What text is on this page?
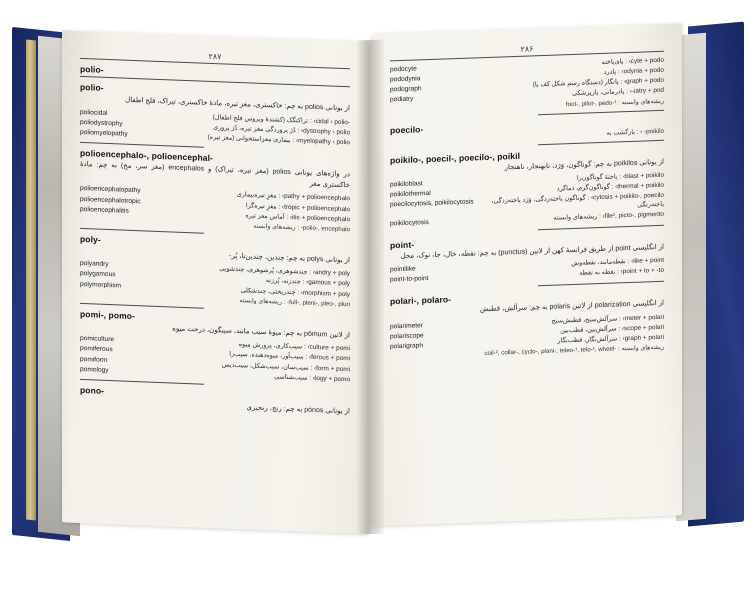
۲۸۷
polio-
polio-
از یونانی polios به چم: خاکستری، مغز تیره، مادهٔ خاکستری، تیراک، فلج اطفال
poliocidal
-cidal ‹ polio› : تراکنگک (کشندهٔ ویروس فلج اطفال)
poliodystrophy
dystrophy ‹ polio› : دُژ پروردگی مغز تیره، دُژ پروری
poliomyelopathy
myelopathy ‹ polio› : بیماری مغزاستخوانی (مغز تیره)
polioencephalo-, polioencephal-
در واژه‌های یونانی polios (مغز تیره، تیراک) و encephalos (مغز سر، مخ) به چم: مادهٔ خاکستری مغز
polioencephalopathy
pathy + polioencephalo› : مغزِ تیره‌بیماری
polioencephalotropic
tropic + polioencephalo› : مغزِ تیره‌گرا
polioencephalitis
itis + polioencephalo› : آماس مغز تیره
polio-, encephalo- : ریشه‌های وابسته
poly-
از یونانی polys به چم: چندین، چندین‌تا، پُر-
polyandry
andry + poly› : چندشوهری، پُرشوهری، چندشویی
polygamous
gamous + poly› : چندزنه، پُرزنه
polymorphism
morphism + poly› : چندریختی، چندشکلی
full-, pleni-, pleo-, pluri- : ریشه‌های وابسته
pomi-, pomo-
از لاتین pōmum به چم: میوهٔ سیب مانند، سیبگون، درخت میوه
pomiculture
culture + pomi› : سیب‌کاری، پرورش میوه
pomiferous
ferous + pomi› : سیب‌آور، میوه‌دهنده، سیب‌زا
pomiform
form + pomi› : سیب‌سان، سیب‌شکل، سیب‌دیس
pomology
logy + pomo› : سیب‌شناسی
pono-
از یونانی pónos به چم: رنج، رنجبری
۲۸۶
podocyte
cyte + podo› : پای‌یاخته
pododynia
odynia + podo› : پادرد
podograph
graph + podo› : پانگار (دستگاه رسم شکل کف پا)
podiatry
iatry + pod-› : پادرمانی، پازپزشکی
foot-, pilot-, pedo-¹ : ریشه‌های وابسته
poecilo-	poikilo- ‹ : بازگشت به
poikilo-, poecil-, poecilo-, poikil
از یونانی poikilos به چم: گوناگون، وَرَد، نابهنجار، ناهنجار
poikiloblast
blast + poikilo› : یاختهٔ گوناگون‌زا
poikilothermal
thermal + poikilo› : گوناگون‌گرم، دماگرد
poecilocytosis, poikilocytosis	cytosis + poikilo-, poecilo› : گوناگون یاخته‌زدگی، وَرَد یاخته‌زدگی، یاخته‌رنگی
poikilocytosis
file², picto-, pigmento› : ریشه‌های وابسته
point-
از انگلیسی point از طریق فرانسهٔ کهن از لاتین (punctus) به چم: نقطه، خال، جا، نوک، محل
pointilike
like + point› : نقطه‌مانند، نقطه‌وش
point-to-point
point + to + -to› : نقطه به نقطه
polari-, polaro-
از انگلیسی polarization از لاتین polaris به چم: سرآلش، قطبش
polarimeter
meter + polari› : سرآلش‌سنج، قطبش‌سنج
polariscope
scope + polari› : سرآلش‌بین، قطب‌بین
polarigraph
graph + polari› : سرآلش‌نگار، قطب‌نگار
coil-², collar-, cyclo-, plani-, teleo-¹, telo-¹, wheel- : ریشه‌های وابسته
